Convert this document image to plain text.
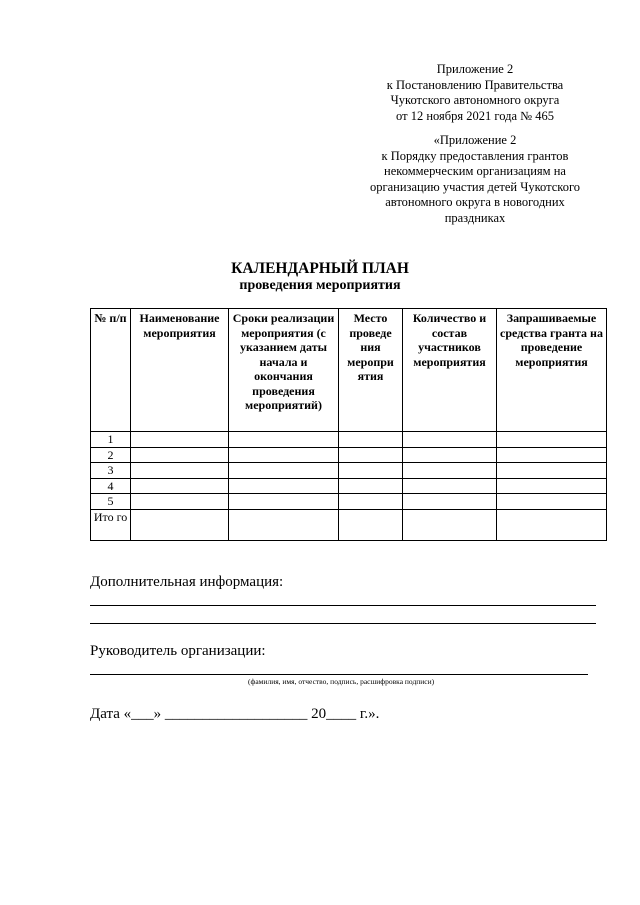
Приложение 2
к Постановлению Правительства
Чукотского автономного округа
от 12 ноября 2021 года № 465
«Приложение 2
к Порядку предоставления грантов
некоммерческим организациям на
организацию участия детей Чукотского
автономного округа в новогодних
праздниках
КАЛЕНДАРНЫЙ ПЛАН
проведения мероприятия
№ п/п	Наименование мероприятия	Сроки реализации мероприятия (с указанием даты начала и окончания проведения мероприятий)	Место проведе ния меропри ятия	Количество и состав участников мероприятия	Запрашиваемые средства гранта на проведение мероприятия
1					
2					
3					
4					
5					
Ито го					
Дополнительная информация:
Руководитель организации:
(фамилия, имя, отчество, подпись, расшифровка подписи)
Дата «___» ___________________ 20____ г.».
